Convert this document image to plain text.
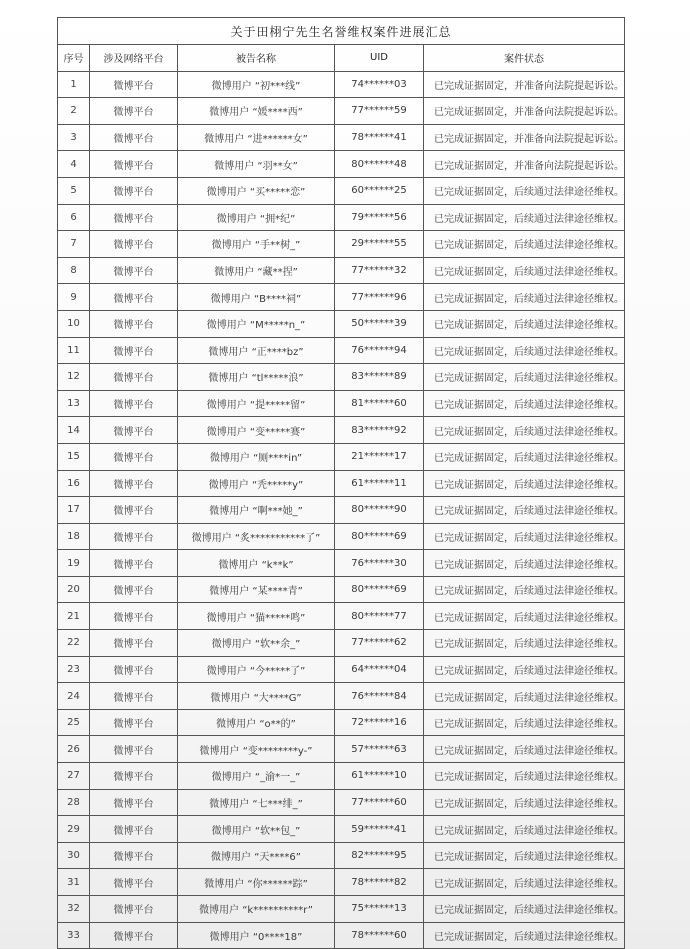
关于田栩宁先生名誉维权案件进展汇总				
序号	涉及网络平台	被告名称	UID	案件状态
1	微博平台	微博用户 “初***线”	74******03	已完成证据固定，并准备向法院提起诉讼。
2	微博平台	微博用户 “媛****西”	77******59	已完成证据固定，并准备向法院提起诉讼。
3	微博平台	微博用户 “进******女”	78******41	已完成证据固定，并准备向法院提起诉讼。
4	微博平台	微博用户 “羽**女”	80******48	已完成证据固定，并准备向法院提起诉讼。
5	微博平台	微博用户 “买*****恋”	60******25	已完成证据固定，后续通过法律途径维权。
6	微博平台	微博用户 “拥*纪”	79******56	已完成证据固定，后续通过法律途径维权。
7	微博平台	微博用户 “手**树_”	29******55	已完成证据固定，后续通过法律途径维权。
8	微博平台	微博用户 “藏**捏”	77******32	已完成证据固定，后续通过法律途径维权。
9	微博平台	微博用户 “B****祠”	77******96	已完成证据固定，后续通过法律途径维权。
10	微博平台	微博用户 “M*****n_”	50******39	已完成证据固定，后续通过法律途径维权。
11	微博平台	微博用户 “正****bz”	76******94	已完成证据固定，后续通过法律途径维权。
12	微博平台	微博用户 “tl*****浪”	83******89	已完成证据固定，后续通过法律途径维权。
13	微博平台	微博用户 “提*****留”	81******60	已完成证据固定，后续通过法律途径维权。
14	微博平台	微博用户 “变*****赛”	83******92	已完成证据固定，后续通过法律途径维权。
15	微博平台	微博用户 “厕****in”	21******17	已完成证据固定，后续通过法律途径维权。
16	微博平台	微博用户 “秃*****y”	61******11	已完成证据固定，后续通过法律途径维权。
17	微博平台	微博用户 “啊***她_”	80******90	已完成证据固定，后续通过法律途径维权。
18	微博平台	微博用户 “炙***********了”	80******69	已完成证据固定，后续通过法律途径维权。
19	微博平台	微博用户 “k**k”	76******30	已完成证据固定，后续通过法律途径维权。
20	微博平台	微博用户 “某****青”	80******69	已完成证据固定，后续通过法律途径维权。
21	微博平台	微博用户 “猫*****鸣”	80******77	已完成证据固定，后续通过法律途径维权。
22	微博平台	微博用户 “软**余_”	77******62	已完成证据固定，后续通过法律途径维权。
23	微博平台	微博用户 “今*****了”	64******04	已完成证据固定，后续通过法律途径维权。
24	微博平台	微博用户 “大****G”	76******84	已完成证据固定，后续通过法律途径维权。
25	微博平台	微博用户 “o**的”	72******16	已完成证据固定，后续通过法律途径维权。
26	微博平台	微博用户 “变********y-”	57******63	已完成证据固定，后续通过法律途径维权。
27	微博平台	微博用户 “_渝*一_”	61******10	已完成证据固定，后续通过法律途径维权。
28	微博平台	微博用户 “七***绯_”	77******60	已完成证据固定，后续通过法律途径维权。
29	微博平台	微博用户 “软**包_”	59******41	已完成证据固定，后续通过法律途径维权。
30	微博平台	微博用户 “天****6”	82******95	已完成证据固定，后续通过法律途径维权。
31	微博平台	微博用户 “你******踪”	78******82	已完成证据固定，后续通过法律途径维权。
32	微博平台	微博用户 “k**********r”	75******13	已完成证据固定，后续通过法律途径维权。
33	微博平台	微博用户 “0****18”	78******60	已完成证据固定，后续通过法律途径维权。
